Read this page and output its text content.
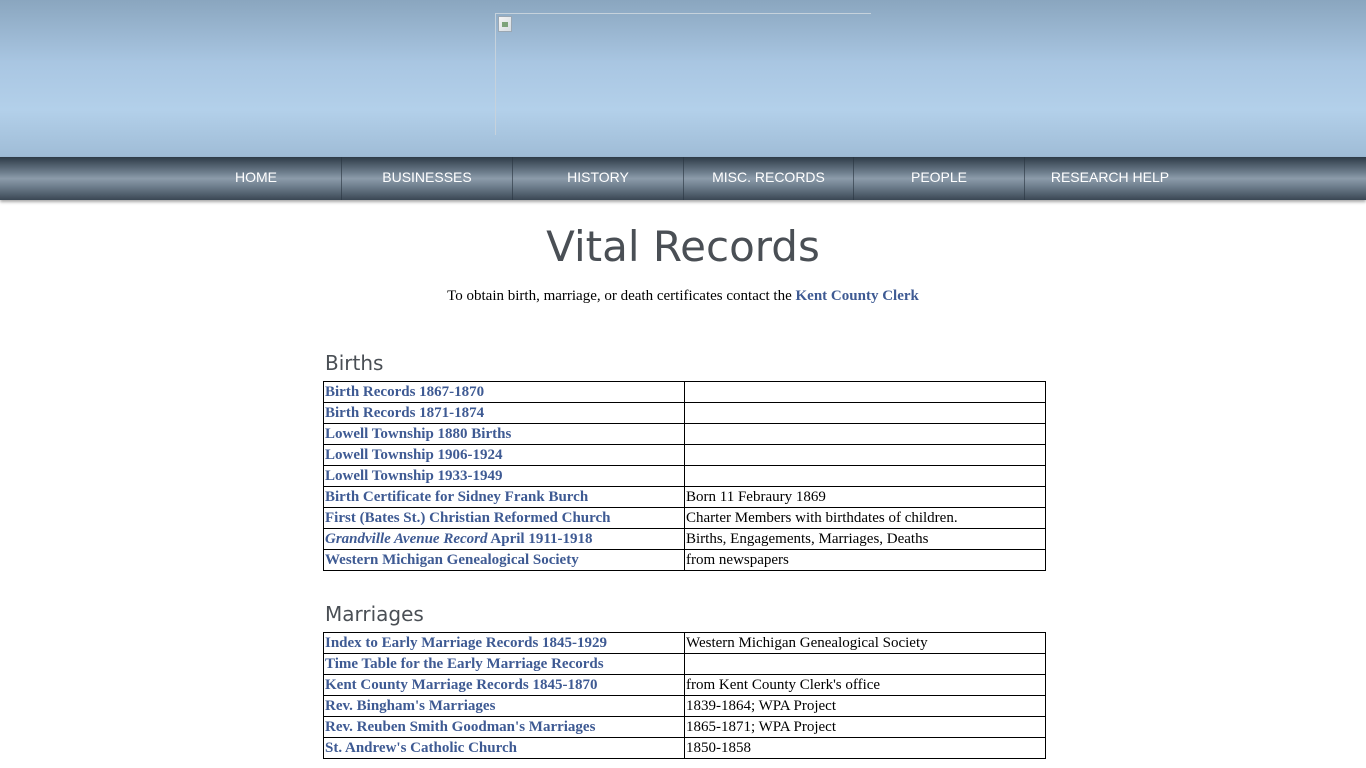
HOME	BUSINESSES	HISTORY	MISC. RECORDS	PEOPLE	RESEARCH HELP
Vital Records
To obtain birth, marriage, or death certificates contact the Kent County Clerk
Births
Birth Records 1867-1870	
Birth Records 1871-1874	
Lowell Township 1880 Births	
Lowell Township 1906-1924	
Lowell Township 1933-1949	
Birth Certificate for Sidney Frank Burch	Born 11 Febraury 1869
First (Bates St.) Christian Reformed Church	Charter Members with birthdates of children.
Grandville Avenue Record April 1911-1918	Births, Engagements, Marriages, Deaths
Western Michigan Genealogical Society	from newspapers
Marriages
Index to Early Marriage Records 1845-1929	Western Michigan Genealogical Society
Time Table for the Early Marriage Records	
Kent County Marriage Records 1845-1870	from Kent County Clerk's office
Rev. Bingham's Marriages	1839-1864; WPA Project
Rev. Reuben Smith Goodman's Marriages	1865-1871; WPA Project
St. Andrew's Catholic Church	1850-1858
